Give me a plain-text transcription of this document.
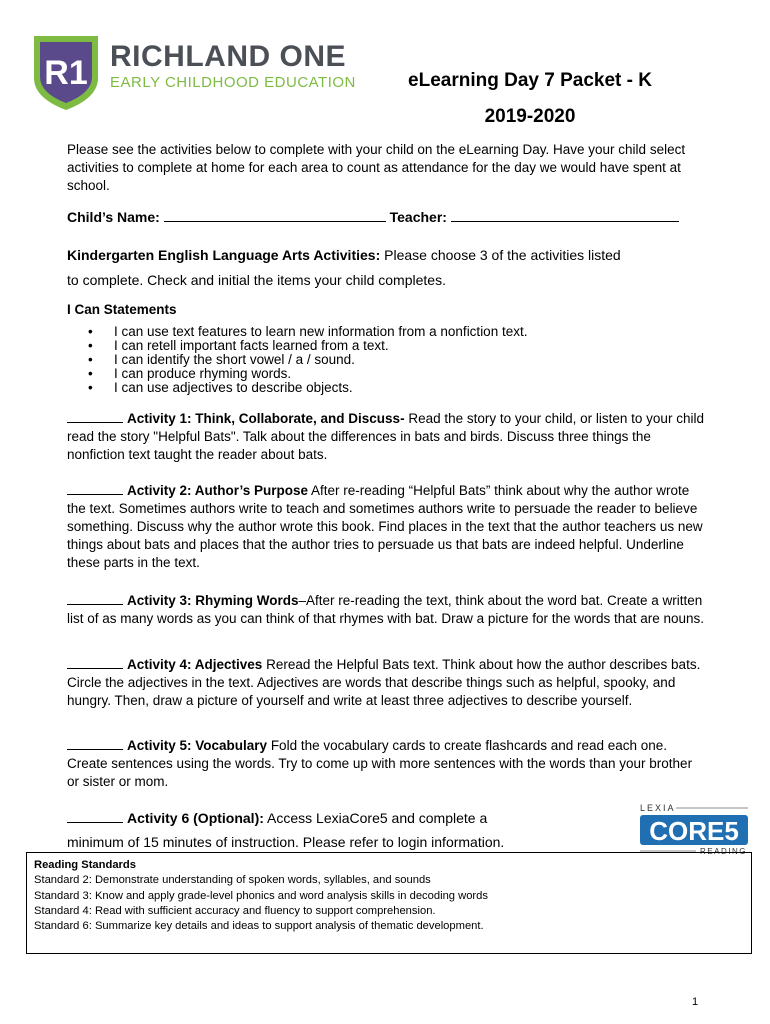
R1 RICHLAND ONE
EARLY CHILDHOOD EDUCATION	eLearning Day 7 Packet - K
2019-2020
Please see the activities below to complete with your child on the eLearning Day. Have your child select activities to complete at home for each area to count as attendance for the day we would have spent at school.
Child’s Name:	Teacher:
Kindergarten English Language Arts Activities: Please choose 3 of the activities listed
to complete. Check and initial the items your child completes.
I Can Statements
• I can use text features to learn new information from a nonfiction text.
• I can retell important facts learned from a text.
• I can identify the short vowel / a / sound.
• I can produce rhyming words.
• I can use adjectives to describe objects.
Activity 1: Think, Collaborate, and Discuss- Read the story to your child, or listen to your child read the story "Helpful Bats". Talk about the differences in bats and birds. Discuss three things the nonfiction text taught the reader about bats.
Activity 2: Author’s Purpose After re-reading “Helpful Bats” think about why the author wrote the text. Sometimes authors write to teach and sometimes authors write to persuade the reader to believe something. Discuss why the author wrote this book. Find places in the text that the author teachers us new things about bats and places that the author tries to persuade us that bats are indeed helpful. Underline these parts in the text.
Activity 3: Rhyming Words–After re-reading the text, think about the word bat. Create a written list of as many words as you can think of that rhymes with bat. Draw a picture for the words that are nouns.
Activity 4: Adjectives Reread the Helpful Bats text. Think about how the author describes bats. Circle the adjectives in the text. Adjectives are words that describe things such as helpful, spooky, and hungry. Then, draw a picture of yourself and write at least three adjectives to describe yourself.
Activity 5: Vocabulary Fold the vocabulary cards to create flashcards and read each one. Create sentences using the words. Try to come up with more sentences with the words than your brother or sister or mom.
Activity 6 (Optional): Access LexiaCore5 and complete a minimum of 15 minutes of instruction. Please refer to login information.
LEXIA
CORE5
READING
Reading Standards
Standard 2: Demonstrate understanding of spoken words, syllables, and sounds
Standard 3: Know and apply grade-level phonics and word analysis skills in decoding words
Standard 4: Read with sufficient accuracy and fluency to support comprehension.
Standard 6: Summarize key details and ideas to support analysis of thematic development.
1
